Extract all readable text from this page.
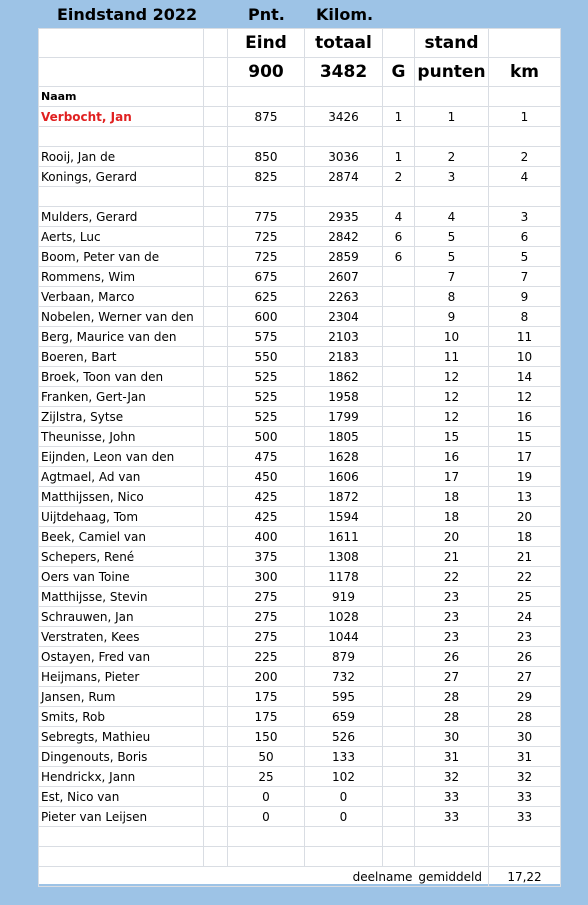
Eindstand 2022	Pnt. Kilom.
		Eind	totaal		stand	
		900	3482	G	punten	km
Naam						
Verbocht, Jan		875	3426	1	1	1

Rooij, Jan de		850	3036	1	2	2
Konings, Gerard		825	2874	2	3	4

Mulders, Gerard		775	2935	4	4	3
Aerts, Luc		725	2842	6	5	6
Boom, Peter van de		725	2859	6	5	5
Rommens, Wim		675	2607		7	7
Verbaan, Marco		625	2263		8	9
Nobelen, Werner van den		600	2304		9	8
Berg, Maurice van den		575	2103		10	11
Boeren, Bart		550	2183		11	10
Broek, Toon van den		525	1862		12	14
Franken, Gert-Jan		525	1958		12	12
Zijlstra, Sytse		525	1799		12	16
Theunisse, John		500	1805		15	15
Eijnden, Leon van den		475	1628		16	17
Agtmael, Ad van		450	1606		17	19
Matthijssen, Nico		425	1872		18	13
Uijtdehaag, Tom		425	1594		18	20
Beek, Camiel van		400	1611		20	18
Schepers, René		375	1308		21	21
Oers van Toine		300	1178		22	22
Matthijsse, Stevin		275	919		23	25
Schrauwen, Jan		275	1028		23	24
Verstraten, Kees		275	1044		23	23
Ostayen, Fred van		225	879		26	26
Heijmans, Pieter		200	732		27	27
Jansen, Rum		175	595		28	29
Smits, Rob		175	659		28	28
Sebregts, Mathieu		150	526		30	30
Dingenouts, Boris		50	133		31	31
Hendrickx, Jann		25	102		32	32
Est, Nico van		0	0		33	33
Pieter van Leijsen		0	0		33	33

			deelname gemiddeld			17,22
